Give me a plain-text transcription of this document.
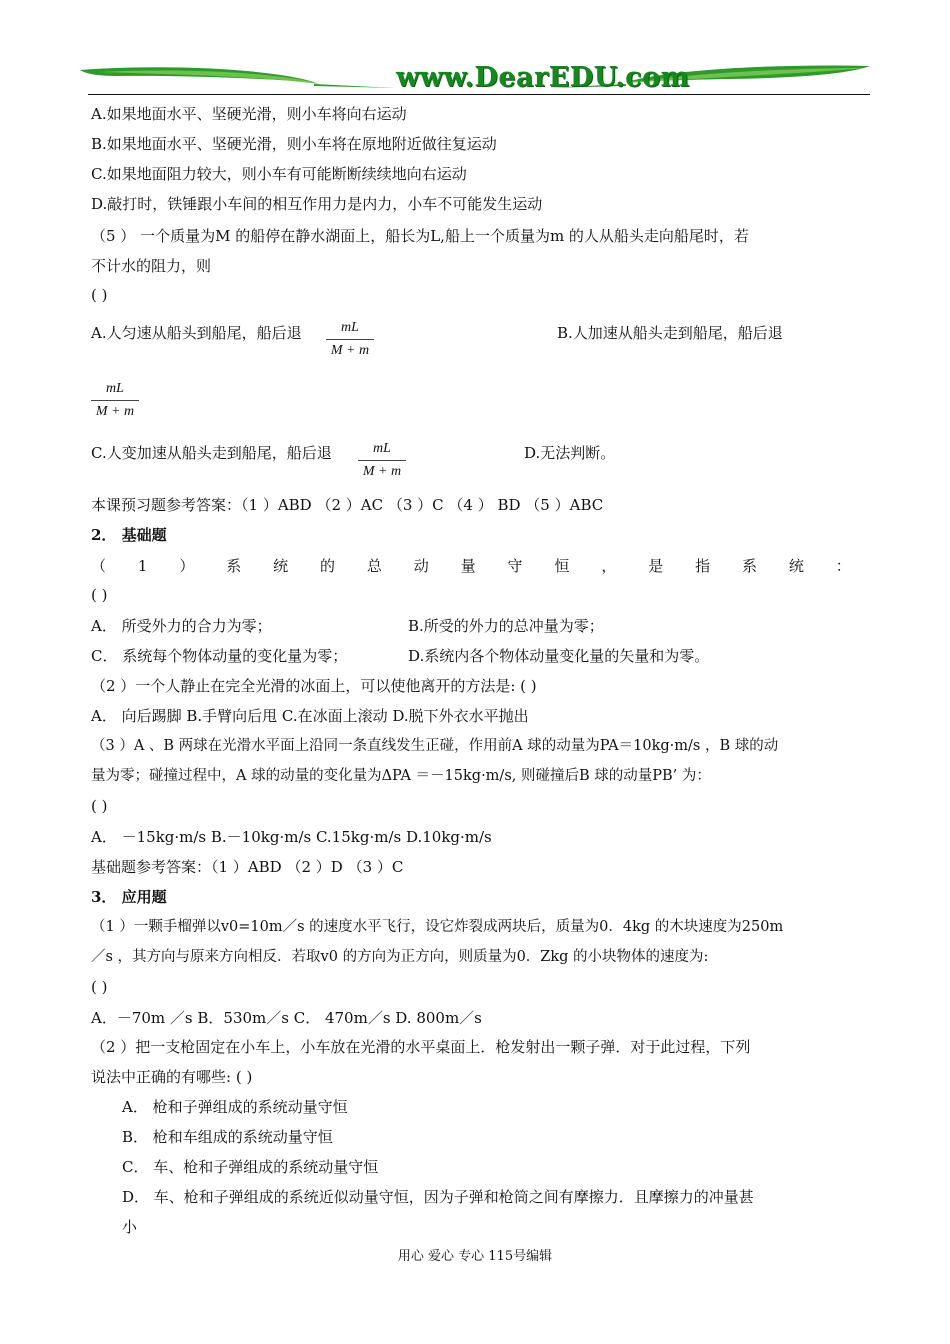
www.DearEDU.com
A.如果地面水平、坚硬光滑，则小车将向右运动
B.如果地面水平、坚硬光滑，则小车将在原地附近做往复运动
C.如果地面阻力较大，则小车有可能断断续续地向右运动
D.敲打时，铁锤跟小车间的相互作用力是内力，小车不可能发生运动
（5 ） 一个质量为M 的船停在静水湖面上，船长为L,船上一个质量为m 的人从船头走向船尾时，若
不计水的阻力，则
( )
A.人匀速从船头到船尾，船后退	mL
M + m
B.人加速从船头走到船尾，船后退
mL
M + m
C.人变加速从船头走到船尾，船后退	mL
M + m
D.无法判断。
本课预习题参考答案：（1 ）ABD （2 ）AC （3 ）C （4 ） BD （5 ）ABC
2． 基础题
（ 1 ） 系 统 的 总 动 量 守 恒 ， 是 指 系 统 ：
( )
A． 所受外力的合力为零；	B.所受的外力的总冲量为零；
C． 系统每个物体动量的变化量为零；	D.系统内各个物体动量变化量的矢量和为零。
（2 ）一个人静止在完全光滑的冰面上，可以使他离开的方法是: ( )
A． 向后踢脚 B.手臂向后甩 C.在冰面上滚动 D.脱下外衣水平抛出
（3 ）A 、B 两球在光滑水平面上沿同一条直线发生正碰，作用前A 球的动量为PA＝10kg·m/s ，B 球的动
量为零；碰撞过程中，A 球的动量的变化量为ΔPA ＝－15kg·m/s, 则碰撞后B 球的动量PB’ 为：
( )
A． －15kg·m/s B.－10kg·m/s C.15kg·m/s D.10kg·m/s
基础题参考答案：（1 ）ABD （2 ）D （3 ）C
3． 应用题
（1 ）一颗手榴弹以v0=10m／s 的速度水平飞行，设它炸裂成两块后，质量为0．4kg 的木块速度为250m
／s ，其方向与原来方向相反．若取v0 的方向为正方向，则质量为0．Zkg 的小块物体的速度为:
( )
A．－70m ／s B．530m／s C． 470m／s D. 800m／s
（2 ）把一支枪固定在小车上，小车放在光滑的水平桌面上．枪发射出一颗子弹．对于此过程，下列
说法中正确的有哪些: ( )
A． 枪和子弹组成的系统动量守恒
B． 枪和车组成的系统动量守恒
C． 车、枪和子弹组成的系统动量守恒
D． 车、枪和子弹组成的系统近似动量守恒，因为子弹和枪筒之间有摩擦力．且摩擦力的冲量甚
小
用心 爱心 专心 115号编辑
